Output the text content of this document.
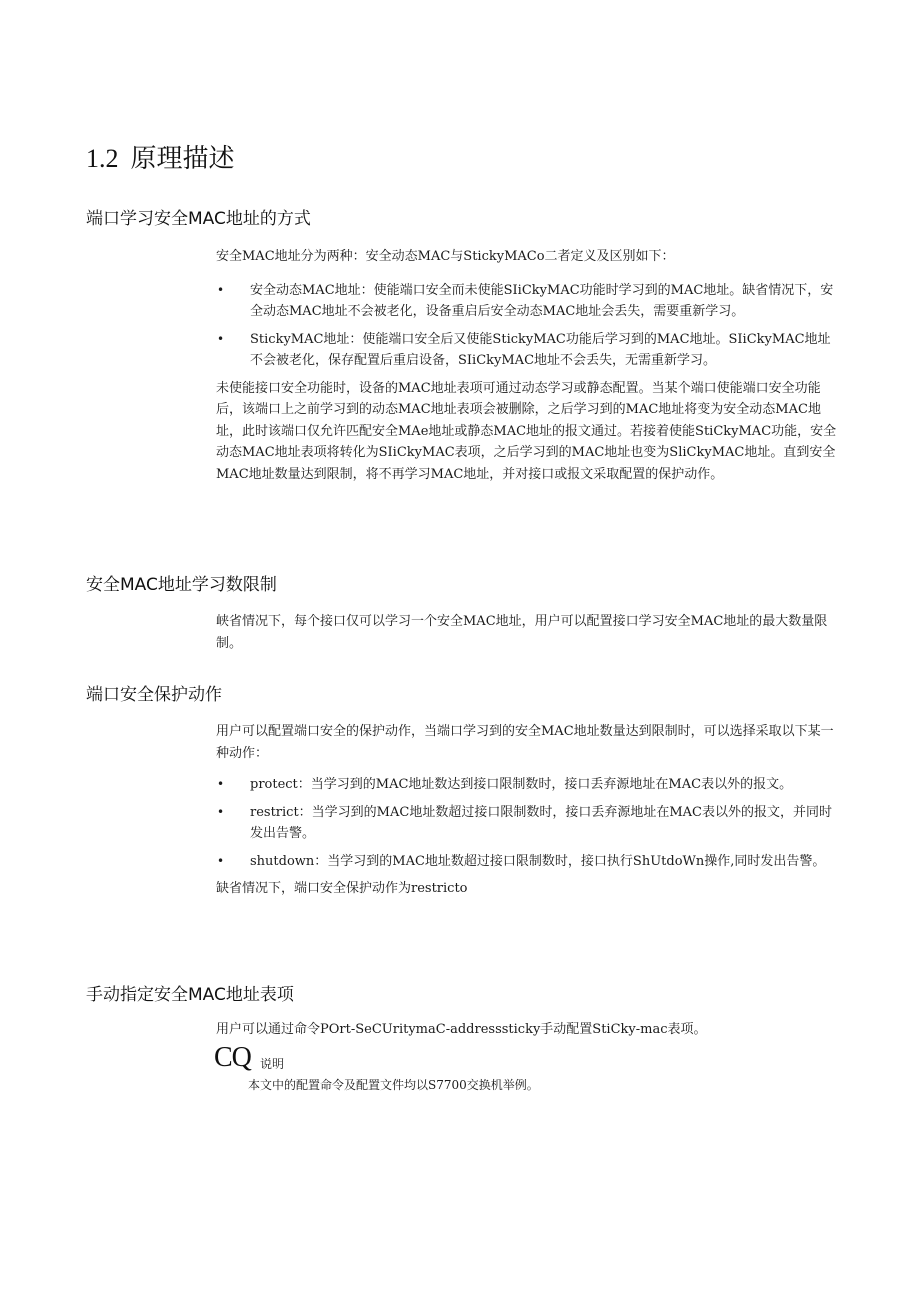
1.2 原理描述
端口学习安全MAC地址的方式

安全MAC地址分为两种：安全动态MAC与StickyMACo二者定义及区别如下：

• 安全动态MAC地址：使能端口安全而未使能SIiCkyMAC功能时学习到的MAC地址。缺省情况下，安全动态MAC地址不会被老化，设备重启后安全动态MAC地址会丢失，需要重新学习。
• StickyMAC地址：使能端口安全后又使能StickyMAC功能后学习到的MAC地址。SIiCkyMAC地址不会被老化，保存配置后重启设备，SIiCkyMAC地址不会丢失，无需重新学习。

未使能接口安全功能时，设备的MAC地址表项可通过动态学习或静态配置。当某个端口使能端口安全功能后，该端口上之前学习到的动态MAC地址表项会被删除，之后学习到的MAC地址将变为安全动态MAC地址，此时该端口仅允许匹配安全MAe地址或静态MAC地址的报文通过。若接着使能StiCkyMAC功能，安全动态MAC地址表项将转化为SIiCkyMAC表项，之后学习到的MAC地址也变为SliCkyMAC地址。直到安全MAC地址数量达到限制，将不再学习MAC地址，并对接口或报文采取配置的保护动作。

安全MAC地址学习数限制

峡省情况下，每个接口仅可以学习一个安全MAC地址，用户可以配置接口学习安全MAC地址的最大数量限制。

端口安全保护动作

用户可以配置端口安全的保护动作，当端口学习到的安全MAC地址数量达到限制时，可以选择采取以下某一种动作：

• protect：当学习到的MAC地址数达到接口限制数时，接口丢弃源地址在MAC表以外的报文。
• restrict：当学习到的MAC地址数超过接口限制数时，接口丢弃源地址在MAC表以外的报文，并同时发出告警。
• shutdown：当学习到的MAC地址数超过接口限制数时，接口执行ShUtdoWn操作,同时发出告警。

缺省情况下，端口安全保护动作为restricto

手动指定安全MAC地址表项

用户可以通过命令POrt-SeCUritymaC-addresssticky手动配置StiCky-mac表项。

CQ 说明
本文中的配置命令及配置文件均以S7700交换机举例。
